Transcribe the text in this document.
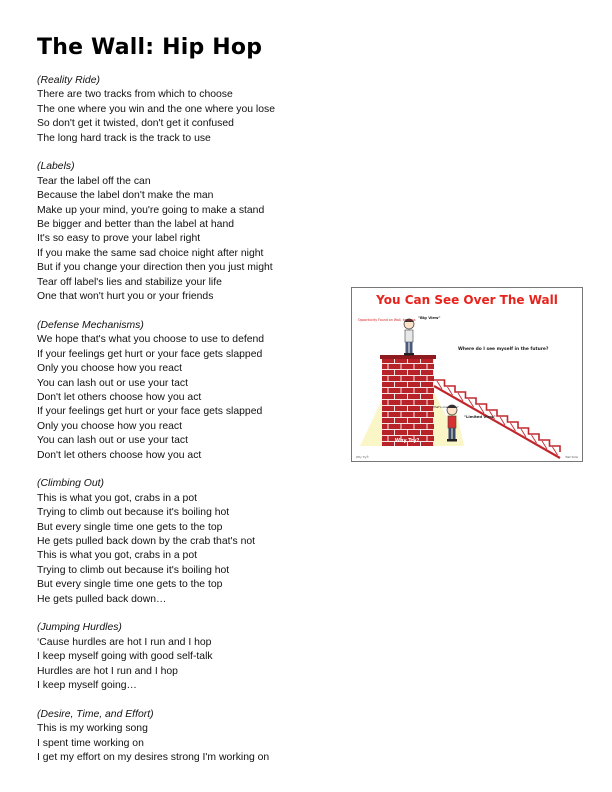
The Wall: Hip Hop
(Reality Ride)
There are two tracks from which to choose
The one where you win and the one where you lose
So don't get it twisted, don't get it confused
The long hard track is the track to use
(Labels)
Tear the label off the can
Because the label don't make the man
Make up your mind, you're going to make a stand
Be bigger and better than the label at hand
It's so easy to prove your label right
If you make the same sad choice night after night
But if you change your direction then you just might
Tear off label's lies and stabilize your life
One that won't hurt you or your friends
(Defense Mechanisms)
We hope that's what you choose to use to defend
If your feelings get hurt or your face gets slapped
Only you choose how you react
You can lash out or use your tact
Don't let others choose how you act
If your feelings get hurt or your face gets slapped
Only you choose how you react
You can lash out or use your tact
Don't let others choose how you act
(Climbing Out)
This is what you got, crabs in a pot
Trying to climb out because it's boiling hot
But every single time one gets to the top
He gets pulled back down by the crab that's not
This is what you got, crabs in a pot
Trying to climb out because it's boiling hot
But every single time one gets to the top
He gets pulled back down…
(Jumping Hurdles)
‘Cause hurdles are hot I run and I hop
I keep myself going with good self-talk
Hurdles are hot I run and I hop
I keep myself going…
(Desire, Time, and Effort)
This is my working song
I spent time working on
I get my effort on my desires strong I'm working on
You Can See Over The Wall
"Big View"
Where do I see myself in the future?
"Limited View"
Why Try?
Opportunity Found on Wall, its glass
What's over there?
Why Try®	Wall Slide
